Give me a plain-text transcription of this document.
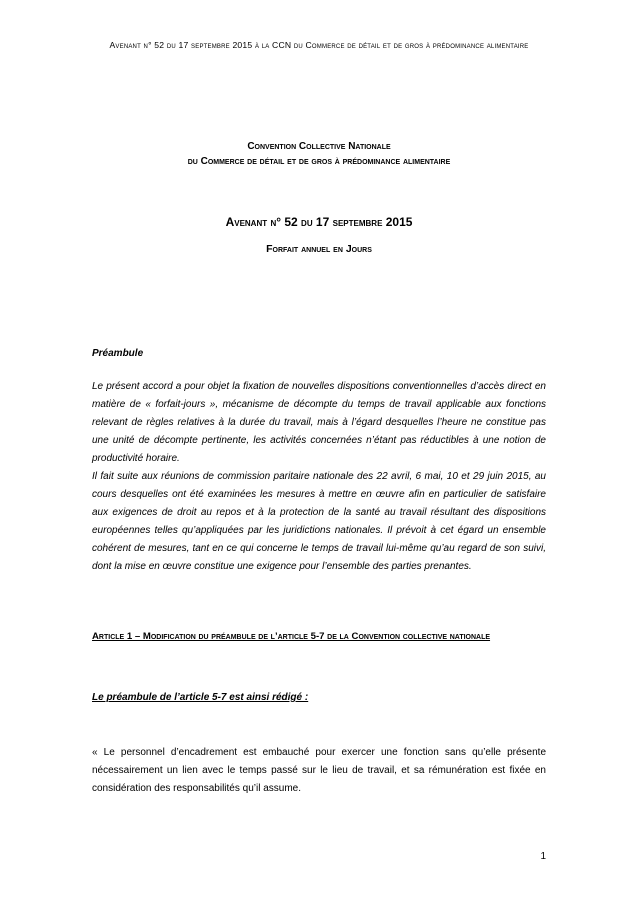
Avenant n° 52 du 17 septembre 2015 à la CCN du Commerce de détail et de gros à prédominance alimentaire
Convention Collective Nationale
du Commerce de détail et de gros à prédominance alimentaire
Avenant n° 52 du 17 septembre 2015
Forfait annuel en Jours
Préambule
Le présent accord a pour objet la fixation de nouvelles dispositions conventionnelles d’accès direct en matière de « forfait-jours », mécanisme de décompte du temps de travail applicable aux fonctions relevant de règles relatives à la durée du travail, mais à l’égard desquelles l’heure ne constitue pas une unité de décompte pertinente, les activités concernées n’étant pas réductibles à une notion de productivité horaire.
Il fait suite aux réunions de commission paritaire nationale des 22 avril, 6 mai, 10 et 29 juin 2015, au cours desquelles ont été examinées les mesures à mettre en œuvre afin en particulier de satisfaire aux exigences de droit au repos et à la protection de la santé au travail résultant des dispositions européennes telles qu’appliquées par les juridictions nationales. Il prévoit à cet égard un ensemble cohérent de mesures, tant en ce qui concerne le temps de travail lui-même qu’au regard de son suivi, dont la mise en œuvre constitue une exigence pour l’ensemble des parties prenantes.
Article 1 – Modification du préambule de l’article 5-7 de la Convention collective nationale
Le préambule de l’article 5-7 est ainsi rédigé :
« Le personnel d’encadrement est embauché pour exercer une fonction sans qu’elle présente nécessairement un lien avec le temps passé sur le lieu de travail, et sa rémunération est fixée en considération des responsabilités qu’il assume.
1
